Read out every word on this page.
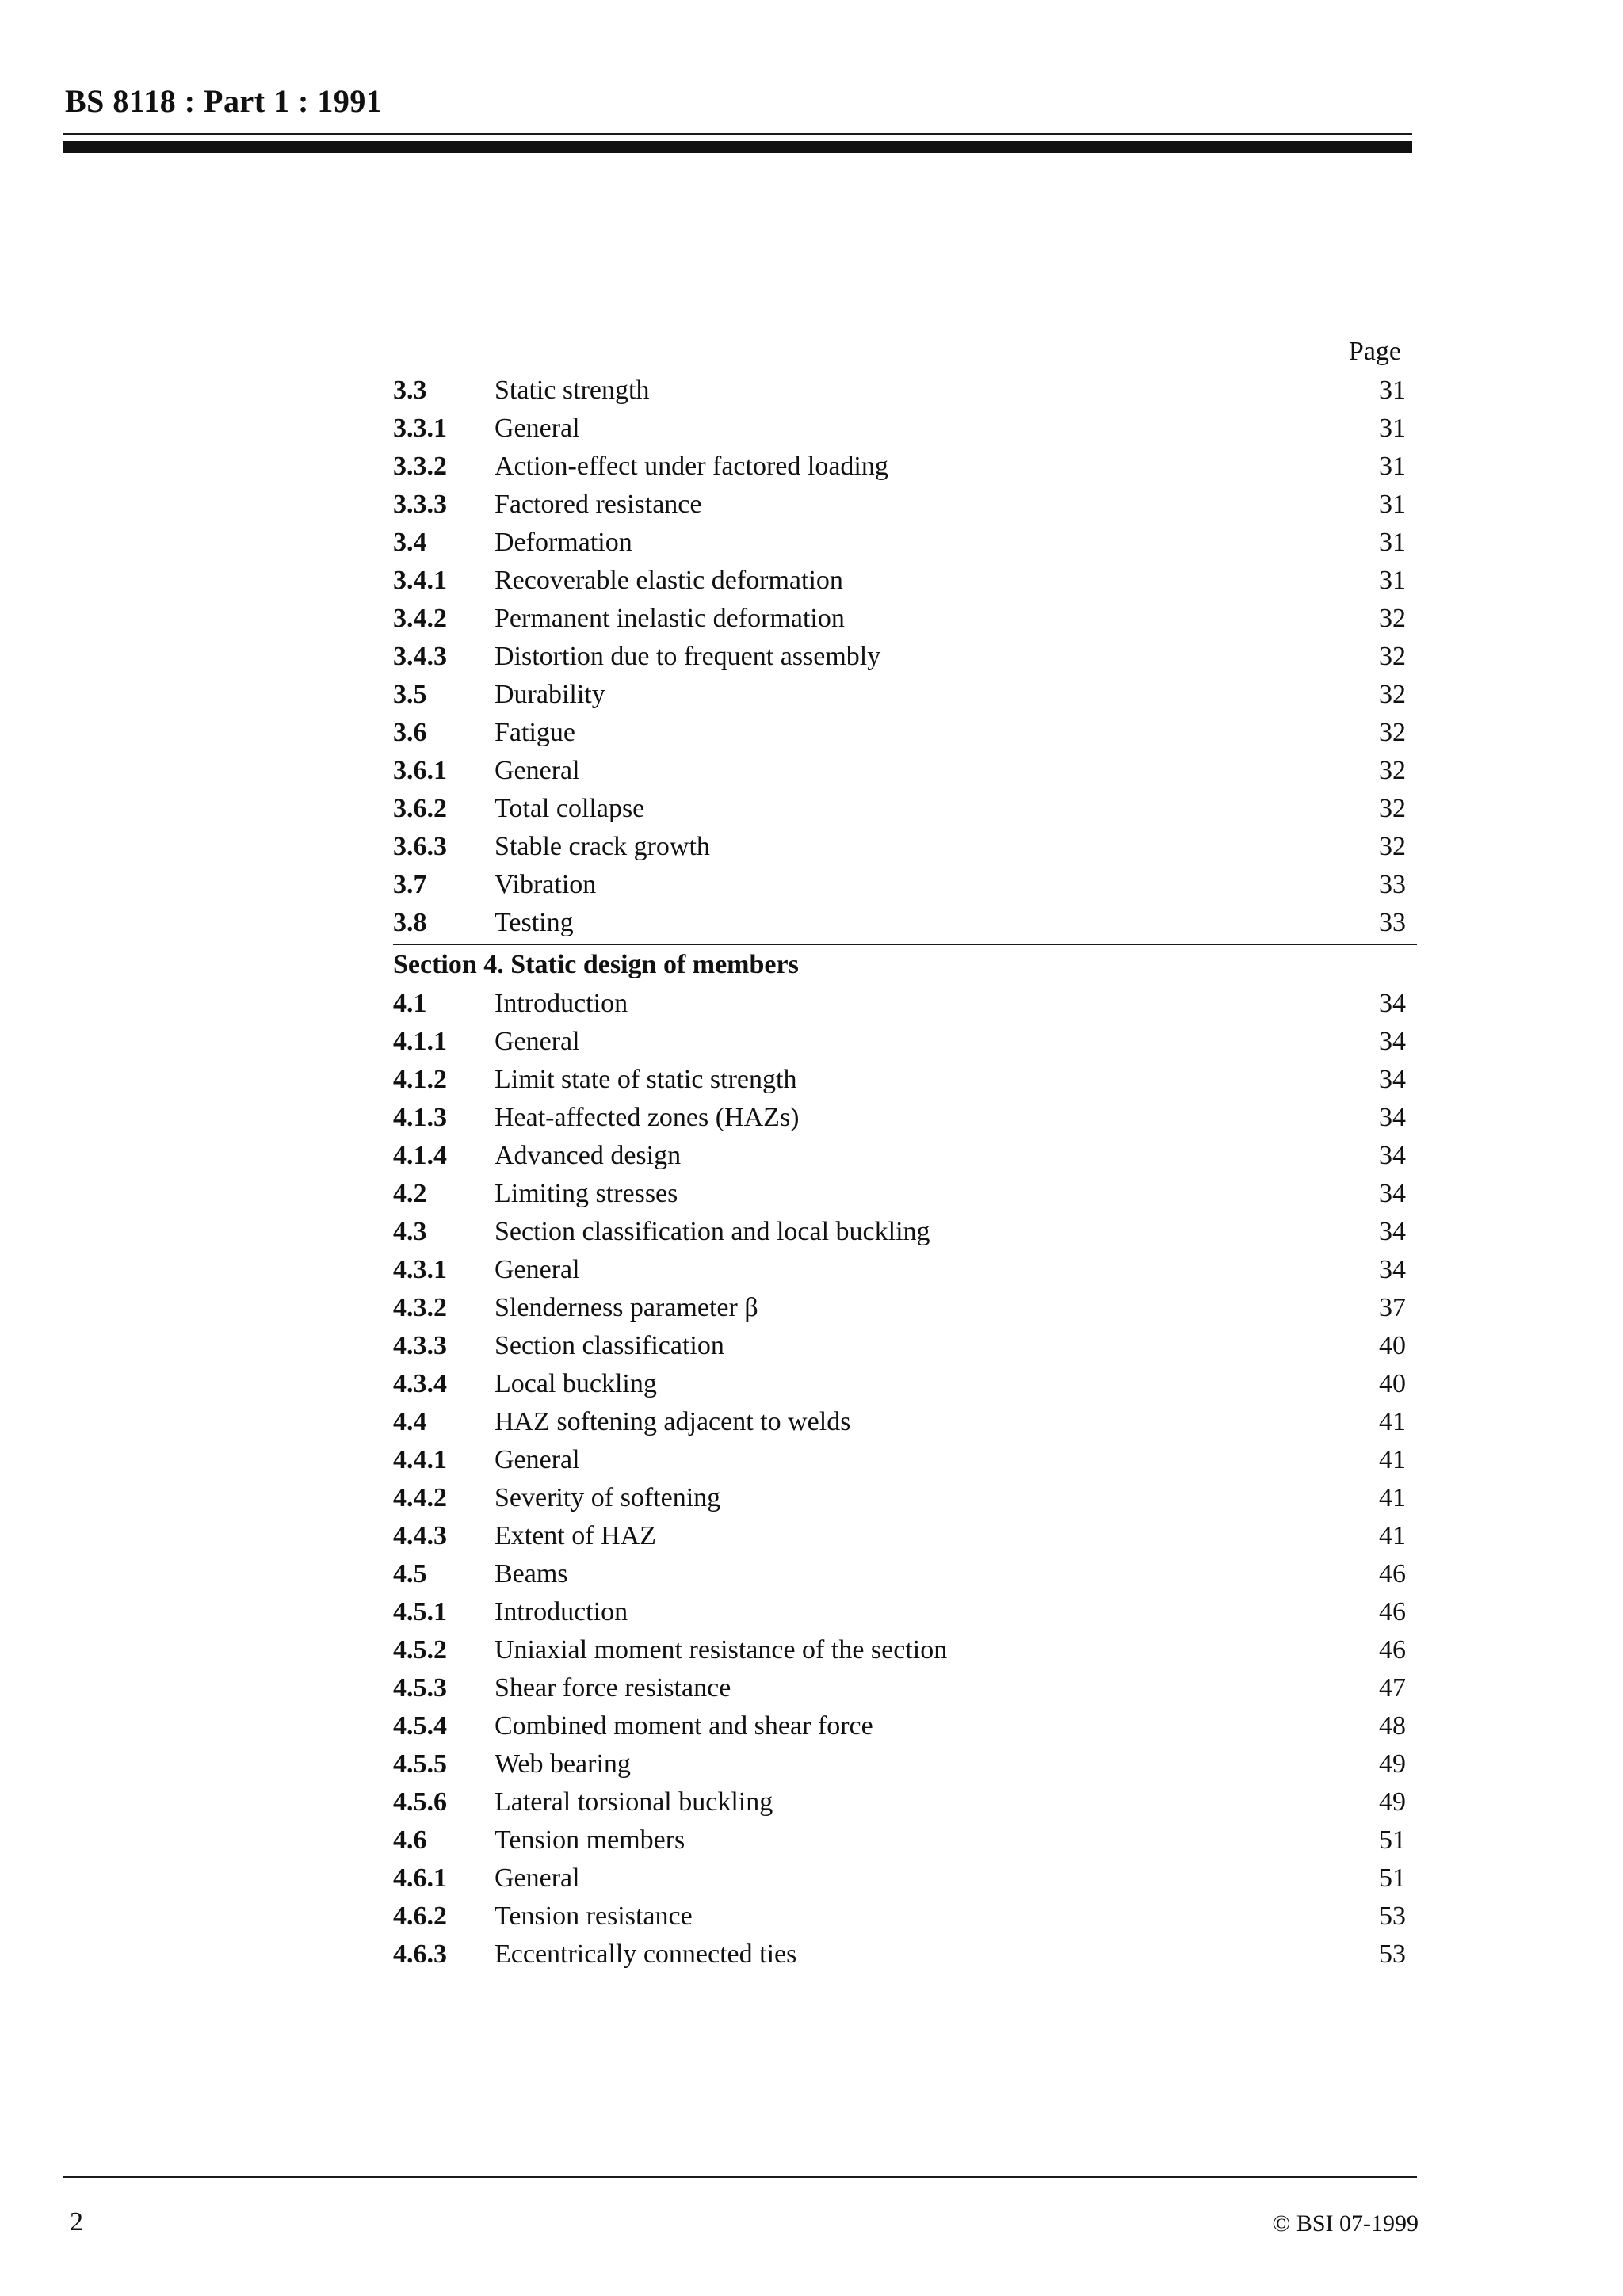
BS 8118 : Part 1 : 1991
Page
3.3	Static strength	31
3.3.1	General	31
3.3.2	Action-effect under factored loading	31
3.3.3	Factored resistance	31
3.4	Deformation	31
3.4.1	Recoverable elastic deformation	31
3.4.2	Permanent inelastic deformation	32
3.4.3	Distortion due to frequent assembly	32
3.5	Durability	32
3.6	Fatigue	32
3.6.1	General	32
3.6.2	Total collapse	32
3.6.3	Stable crack growth	32
3.7	Vibration	33
3.8	Testing	33
Section 4. Static design of members
4.1	Introduction	34
4.1.1	General	34
4.1.2	Limit state of static strength	34
4.1.3	Heat-affected zones (HAZs)	34
4.1.4	Advanced design	34
4.2	Limiting stresses	34
4.3	Section classification and local buckling	34
4.3.1	General	34
4.3.2	Slenderness parameter β	37
4.3.3	Section classification	40
4.3.4	Local buckling	40
4.4	HAZ softening adjacent to welds	41
4.4.1	General	41
4.4.2	Severity of softening	41
4.4.3	Extent of HAZ	41
4.5	Beams	46
4.5.1	Introduction	46
4.5.2	Uniaxial moment resistance of the section	46
4.5.3	Shear force resistance	47
4.5.4	Combined moment and shear force	48
4.5.5	Web bearing	49
4.5.6	Lateral torsional buckling	49
4.6	Tension members	51
4.6.1	General	51
4.6.2	Tension resistance	53
4.6.3	Eccentrically connected ties	53
2	© BSI 07-1999
